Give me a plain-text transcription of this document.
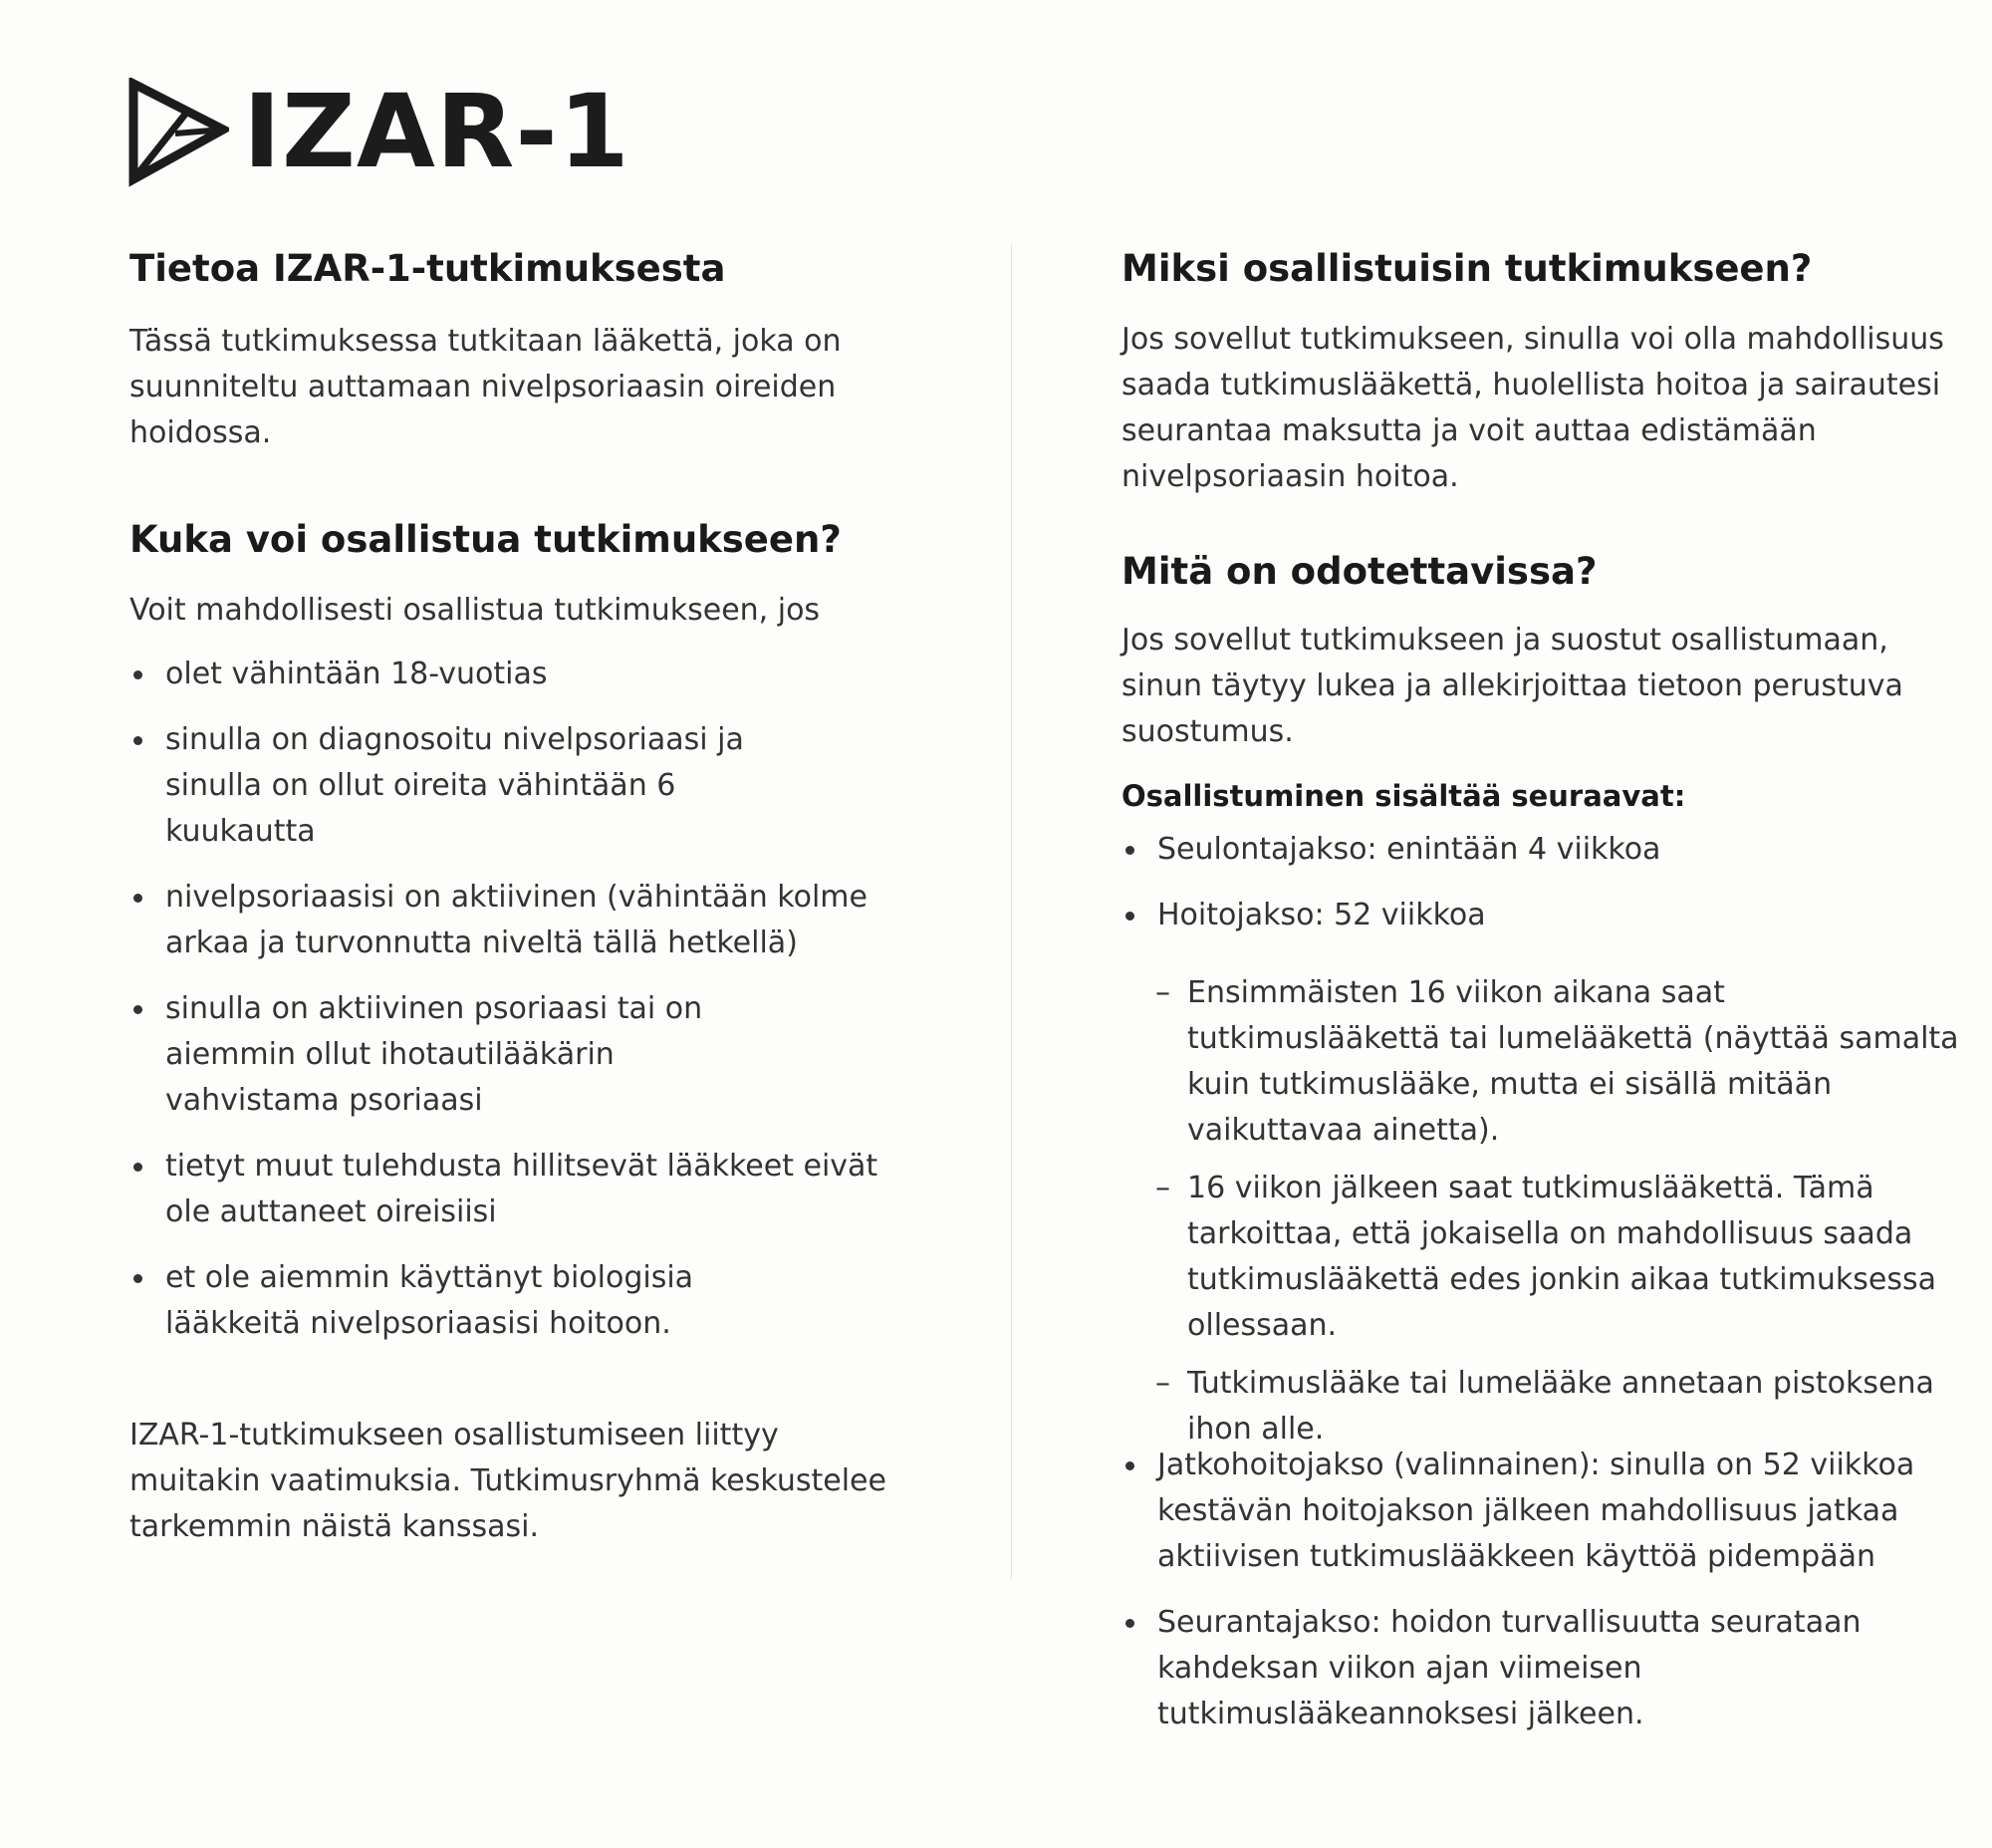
IZAR-1
Tietoa IZAR-1-tutkimuksesta

Tässä tutkimuksessa tutkitaan lääkettä, joka on suunniteltu auttamaan nivelpsoriaasin oireiden hoidossa.

Kuka voi osallistua tutkimukseen?

Voit mahdollisesti osallistua tutkimukseen, jos

olet vähintään 18-vuotias
sinulla on diagnosoitu nivelpsoriaasi ja sinulla on ollut oireita vähintään 6 kuukautta
nivelpsoriaasisi on aktiivinen (vähintään kolme arkaa ja turvonnutta niveltä tällä hetkellä)
sinulla on aktiivinen psoriaasi tai on aiemmin ollut ihotautilääkärin vahvistama psoriaasi
tietyt muut tulehdusta hillitsevät lääkkeet eivät ole auttaneet oireisiisi
et ole aiemmin käyttänyt biologisia lääkkeitä nivelpsoriaasisi hoitoon.

IZAR-1-tutkimukseen osallistumiseen liittyy muitakin vaatimuksia. Tutkimusryhmä keskustelee tarkemmin näistä kanssasi.

Miksi osallistuisin tutkimukseen?

Jos sovellut tutkimukseen, sinulla voi olla mahdollisuus saada tutkimuslääkettä, huolellista hoitoa ja sairautesi seurantaa maksutta ja voit auttaa edistämään nivelpsoriaasin hoitoa.

Mitä on odotettavissa?

Jos sovellut tutkimukseen ja suostut osallistumaan, sinun täytyy lukea ja allekirjoittaa tietoon perustuva suostumus.

Osallistuminen sisältää seuraavat:
Seulontajakso: enintään 4 viikkoa
Hoitojakso: 52 viikkoa
– Ensimmäisten 16 viikon aikana saat tutkimuslääkettä tai lumelääkettä (näyttää samalta kuin tutkimuslääke, mutta ei sisällä mitään vaikuttavaa ainetta).
– 16 viikon jälkeen saat tutkimuslääkettä. Tämä tarkoittaa, että jokaisella on mahdollisuus saada tutkimuslääkettä edes jonkin aikaa tutkimuksessa ollessaan.
– Tutkimuslääke tai lumelääke annetaan pistoksena ihon alle.
Jatkohoitojakso (valinnainen): sinulla on 52 viikkoa kestävän hoitojakson jälkeen mahdollisuus jatkaa aktiivisen tutkimuslääkkeen käyttöä pidempään
Seurantajakso: hoidon turvallisuutta seurataan kahdeksan viikon ajan viimeisen tutkimuslääkeannoksesi jälkeen.
